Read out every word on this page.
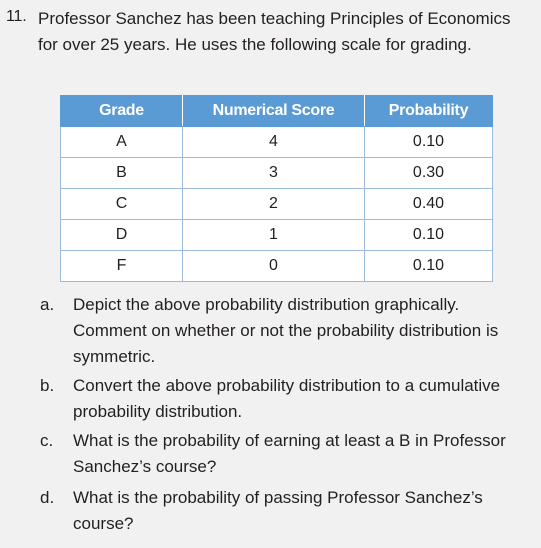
11. Professor Sanchez has been teaching Principles of Economics for over 25 years. He uses the following scale for grading.
Grade	Numerical Score	Probability
A	4	0.10
B	3	0.30
C	2	0.40
D	1	0.10
F	0	0.10
a. Depict the above probability distribution graphically. Comment on whether or not the probability distribution is symmetric.
b. Convert the above probability distribution to a cumulative probability distribution.
c. What is the probability of earning at least a B in Professor Sanchez’s course?
d. What is the probability of passing Professor Sanchez’s course?
